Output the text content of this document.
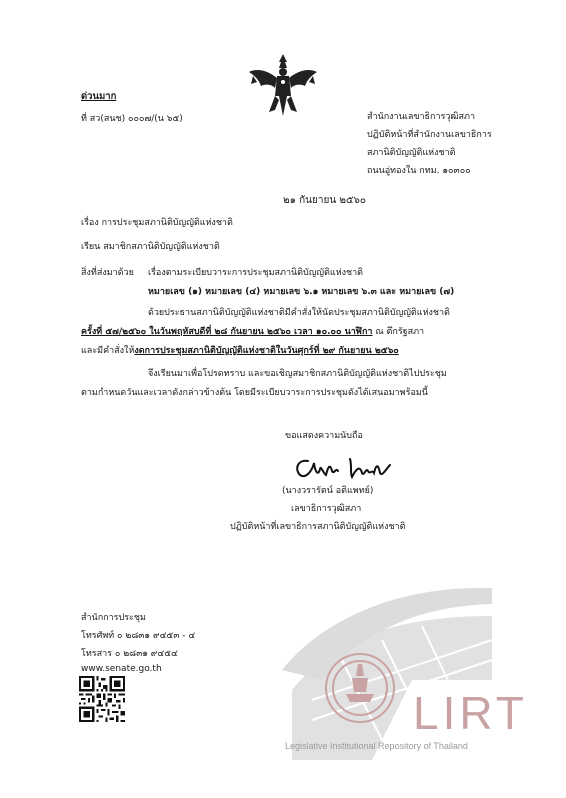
ด่วนมาก
ที่ สว(สนช) ๐๐๐๗/(น ๖๕)	สำนักงานเลขาธิการวุฒิสภา
ปฏิบัติหน้าที่สำนักงานเลขาธิการ
สภานิติบัญญัติแห่งชาติ
ถนนอู่ทองใน กทม. ๑๐๓๐๐
๒๑ กันยายน ๒๕๖๐
เรื่อง การประชุมสภานิติบัญญัติแห่งชาติ
เรียน สมาชิกสภานิติบัญญัติแห่งชาติ
สิ่งที่ส่งมาด้วย เรื่องตามระเบียบวาระการประชุมสภานิติบัญญัติแห่งชาติ
หมายเลข (๑) หมายเลข (๔) หมายเลข ๖.๑ หมายเลข ๖.๓ และ หมายเลข (๗)
ด้วยประธานสภานิติบัญญัติแห่งชาติมีคำสั่งให้นัดประชุมสภานิติบัญญัติแห่งชาติ
ครั้งที่ ๕๗/๒๕๖๐ ในวันพฤหัสบดีที่ ๒๘ กันยายน ๒๕๖๐ เวลา ๑๐.๐๐ นาฬิกา ณ ตึกรัฐสภา
และมีคำสั่งให้งดการประชุมสภานิติบัญญัติแห่งชาติในวันศุกร์ที่ ๒๙ กันยายน ๒๕๖๐
จึงเรียนมาเพื่อโปรดทราบ และขอเชิญสมาชิกสภานิติบัญญัติแห่งชาติไปประชุม
ตามกำหนดวันและเวลาดังกล่าวข้างต้น โดยมีระเบียบวาระการประชุมดังได้เสนอมาพร้อมนี้
ขอแสดงความนับถือ
(นางวรารัตน์ อติแพทย์)
เลขาธิการวุฒิสภา
ปฏิบัติหน้าที่เลขาธิการสภานิติบัญญัติแห่งชาติ
สำนักการประชุม
โทรศัพท์ ๐ ๒๘๓๑ ๙๔๕๓ - ๔
โทรสาร ๐ ๒๘๓๑ ๙๔๕๔
www.senate.go.th
LIRT
Legislative Institutional Repository of Thailand
